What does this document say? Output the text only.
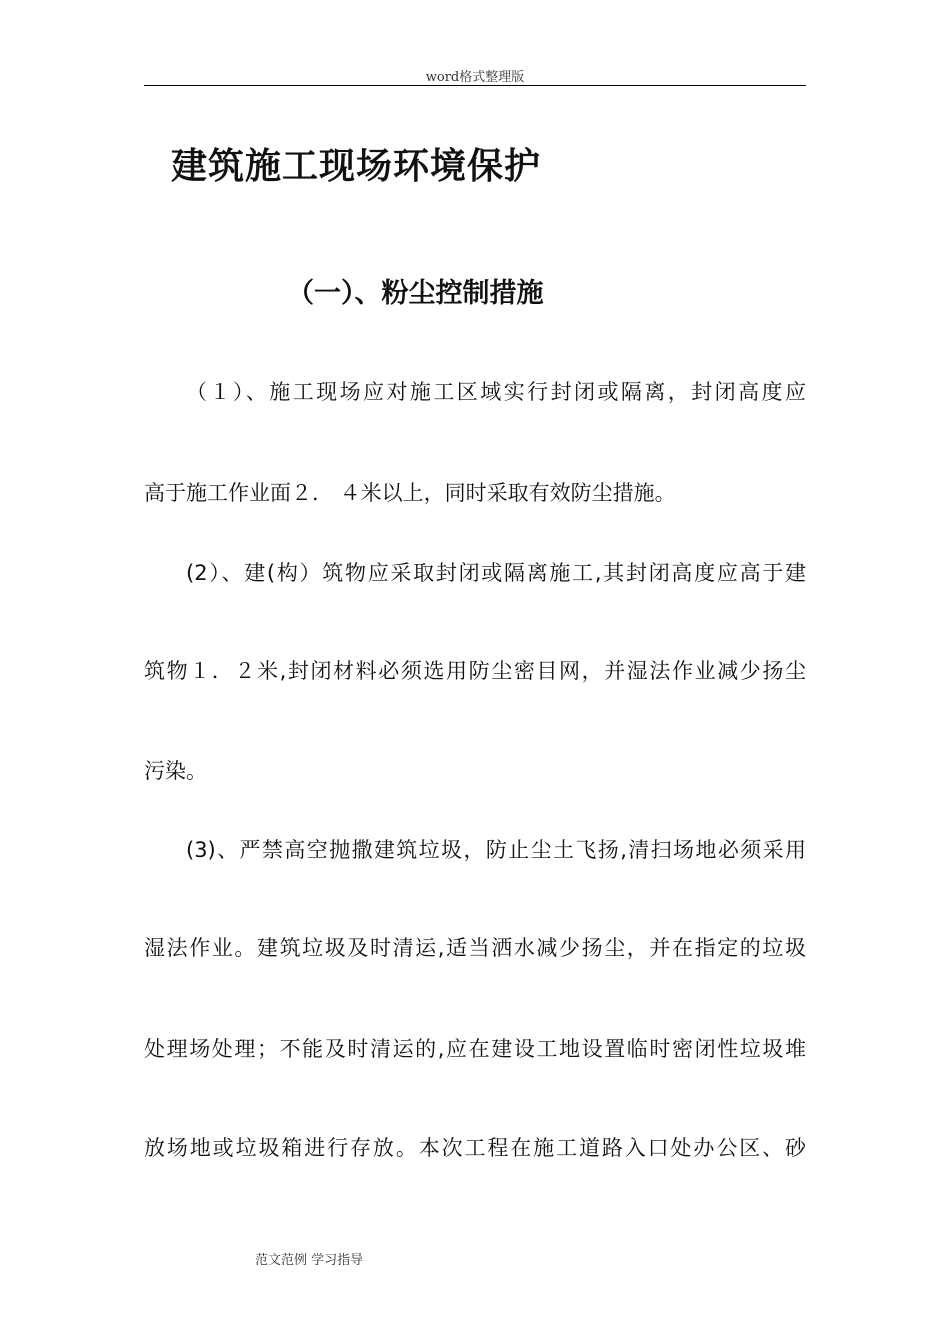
word格式整理版
建筑施工现场环境保护
（一）、粉尘控制措施
（１）、施工现场应对施工区域实行封闭或隔离，封闭高度应
高于施工作业面２． ４米以上，同时采取有效防尘措施。
(2）、建(构）筑物应采取封闭或隔离施工,其封闭高度应高于建
筑物１．２米,封闭材料必须选用防尘密目网，并湿法作业减少扬尘
污染。
(3)、严禁高空抛撒建筑垃圾，防止尘土飞扬,清扫场地必须采用
湿法作业。建筑垃圾及时清运,适当洒水减少扬尘，并在指定的垃圾
处理场处理；不能及时清运的,应在建设工地设置临时密闭性垃圾堆
放场地或垃圾箱进行存放。本次工程在施工道路入口处办公区、砂
范文范例 学习指导
